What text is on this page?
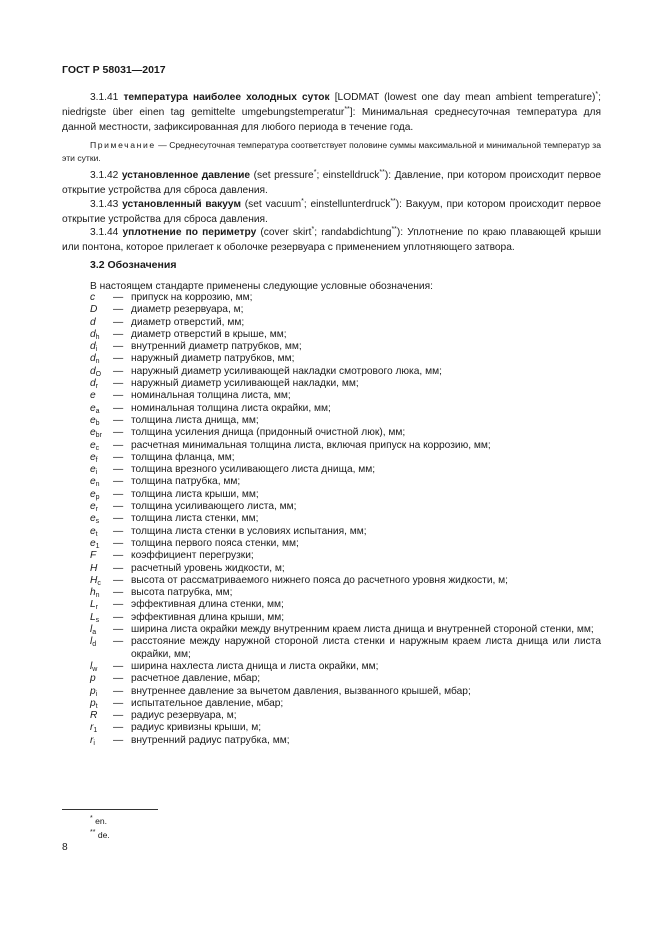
ГОСТ Р 58031—2017

3.1.41 температура наиболее холодных суток [LODMAT (lowest one day mean ambient temperature)*; niedrigste über einen tag gemittelte umgebungstemperatur**]: Минимальная среднесуточная температура для данной местности, зафиксированная для любого периода в течение года.

Примечание — Среднесуточная температура соответствует половине суммы максимальной и минимальной температур за эти сутки.

3.1.42 установленное давление (set pressure*; einstelldruck**): Давление, при котором происходит первое открытие устройства для сброса давления.

3.1.43 установленный вакуум (set vacuum*; einstellunterdruck**): Вакуум, при котором происходит первое открытие устройства для сброса давления.

3.1.44 уплотнение по периметру (cover skirt*; randabdichtung**): Уплотнение по краю плавающей крыши или понтона, которое прилегает к оболочке резервуара с применением уплотняющего затвора.

3.2 Обозначения
В настоящем стандарте применены следующие условные обозначения:
c	— припуск на коррозию, мм;
D	— диаметр резервуара, м;
d	— диаметр отверстий, мм;
$d_h$	— диаметр отверстий в крыше, мм;
$d_i$	— внутренний диаметр патрубков, мм;
$d_n$	— наружный диаметр патрубков, мм;
$d_O$	— наружный диаметр усиливающей накладки смотрового люка, мм;
$d_r$	— наружный диаметр усиливающей накладки, мм;
e	— номинальная толщина листа, мм;
$e_a$	— номинальная толщина листа окрайки, мм;
$e_b$	— толщина листа днища, мм;
$e_{br}$	— толщина усиления днища (придонный очистной люк), мм;
$e_c$	— расчетная минимальная толщина листа, включая припуск на коррозию, мм;
$e_f$	— толщина фланца, мм;
$e_i$	— толщина врезного усиливающего листа днища, мм;
$e_n$	— толщина патрубка, мм;
$e_p$	— толщина листа крыши, мм;
$e_r$	— толщина усиливающего листа, мм;
$e_s$	— толщина листа стенки, мм;
$e_t$	— толщина листа стенки в условиях испытания, мм;
$e_1$	— толщина первого пояса стенки, мм;
F	— коэффициент перегрузки;
H	— расчетный уровень жидкости, м;
$H_c$	— высота от рассматриваемого нижнего пояса до расчетного уровня жидкости, м;
$h_n$	— высота патрубка, мм;
$L_r$	— эффективная длина стенки, мм;
$L_s$	— эффективная длина крыши, мм;
$l_a$	— ширина листа окрайки между внутренним краем листа днища и внутренней стороной стенки, мм;
$l_d$	— расстояние между наружной стороной листа стенки и наружным краем листа днища или листа окрайки, мм;
$l_w$	— ширина нахлеста листа днища и листа окрайки, мм;
p	— расчетное давление, мбар;
$p_i$	— внутреннее давление за вычетом давления, вызванного крышей, мбар;
$p_t$	— испытательное давление, мбар;
R	— радиус резервуара, м;
$r_1$	— радиус кривизны крыши, м;
$r_i$	— внутренний радиус патрубка, мм;
* en.
** de.
8
